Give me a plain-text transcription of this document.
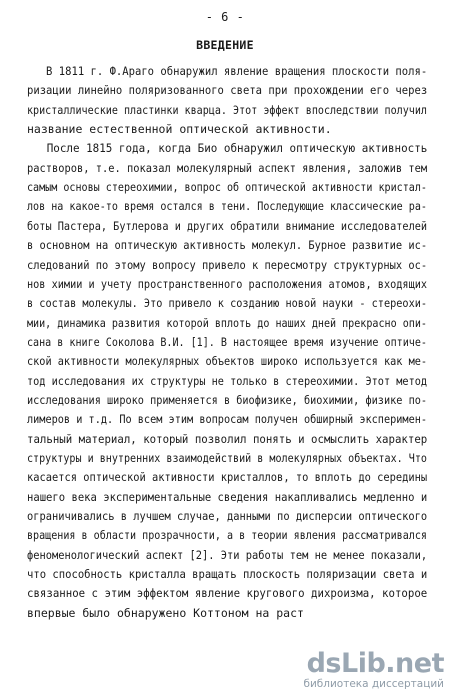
- 6 -
ВВЕДЕНИЕ
В 1811 г. Ф.Араго обнаружил явление вращения плоскости поля-
ризации линейно поляризованного света при прохождении его через
кристаллические пластинки кварца. Этот эффект впоследствии получил
название естественной оптической активности.
После 1815 года, когда Био обнаружил оптическую активность
растворов, т.е. показал молекулярный аспект явления, заложив тем
самым основы стереохимии, вопрос об оптической активности кристал-
лов на какое-то время остался в тени. Последующие классические ра-
боты Пастера, Бутлерова и других обратили внимание исследователей
в основном на оптическую активность молекул. Бурное развитие ис-
следований по этому вопросу привело к пересмотру структурных ос-
нов химии и учету пространственного расположения атомов, входящих
в состав молекулы. Это привело к созданию новой науки - стереохи-
мии, динамика развития которой вплоть до наших дней прекрасно опи-
сана в книге Соколова В.И. [1]. В настоящее время изучение оптиче-
ской активности молекулярных объектов широко используется как ме-
тод исследования их структуры не только в стереохимии. Этот метод
исследования широко применяется в биофизике, биохимии, физике по-
лимеров и т.д. По всем этим вопросам получен обширный эксперимен-
тальный материал, который позволил понять и осмыслить характер
структуры и внутренних взаимодействий в молекулярных объектах. Что
касается оптической активности кристаллов, то вплоть до середины
нашего века экспериментальные сведения накапливались медленно и
ограничивались в лучшем случае, данными по дисперсии оптического
вращения в области прозрачности, а в теории явления рассматривался
феноменологический аспект [2]. Эти работы тем не менее показали,
что способность кристалла вращать плоскость поляризации света и
связанное с этим эффектом явление кругового дихроизма, которое
впервые было обнаружено Коттоном на раст
dsLib.net
библиотека диссертаций
